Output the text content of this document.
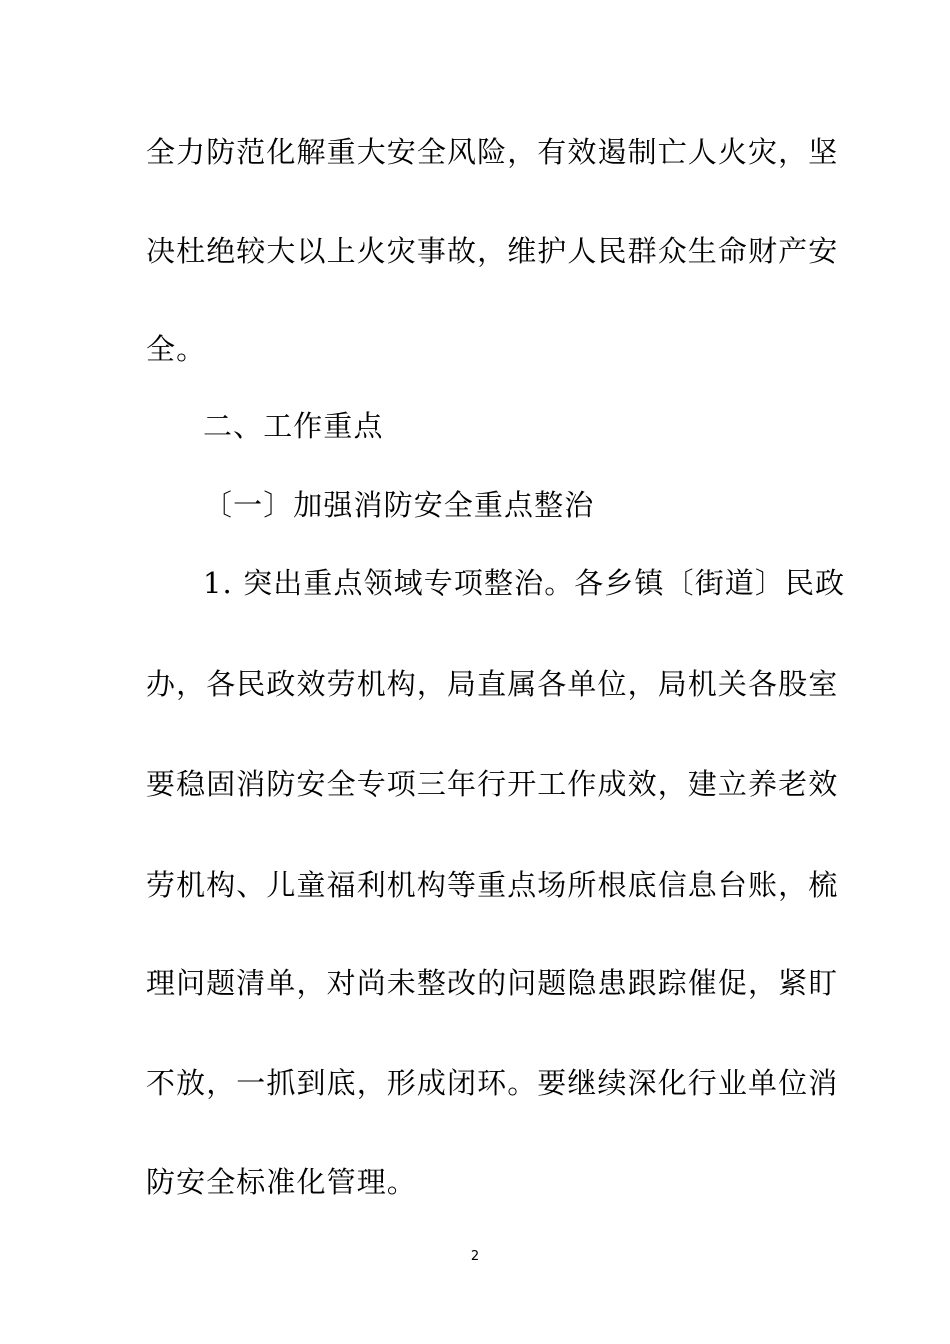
全力防范化解重大安全风险，有效遏制亡人火灾，坚
决杜绝较大以上火灾事故，维护人民群众生命财产安
全。
二、工作重点
〔一〕加强消防安全重点整治
1. 突出重点领域专项整治。各乡镇〔街道〕民政
办，各民政效劳机构，局直属各单位，局机关各股室
要稳固消防安全专项三年行开工作成效，建立养老效
劳机构、儿童福利机构等重点场所根底信息台账，梳
理问题清单，对尚未整改的问题隐患跟踪催促，紧盯
不放，一抓到底，形成闭环。要继续深化行业单位消
防安全标准化管理。
2
